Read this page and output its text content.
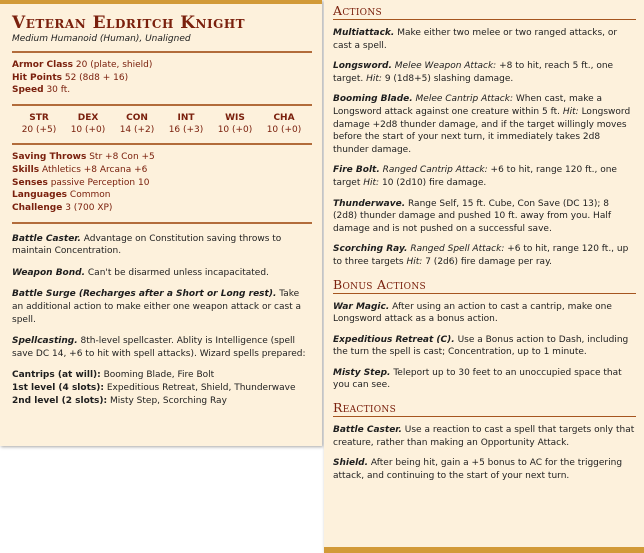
Veteran Eldritch Knight
Medium Humanoid (Human), Unaligned
Armor Class 20 (plate, shield)
Hit Points 52 (8d8 + 16)
Speed 30 ft.
STR
20 (+5)
DEX
10 (+0)
CON
14 (+2)
INT
16 (+3)
WIS
10 (+0)
CHA
10 (+0)
Saving Throws Str +8 Con +5
Skills Athletics +8 Arcana +6
Senses passive Perception 10
Languages Common
Challenge 3 (700 XP)
Battle Caster. Advantage on Constitution saving throws to maintain Concentration.
Weapon Bond. Can't be disarmed unless incapacitated.
Battle Surge (Recharges after a Short or Long rest). Take an additional action to make either one weapon attack or cast a spell.
Spellcasting. 8th-level spellcaster. Ablity is Intelligence (spell save DC 14, +6 to hit with spell attacks). Wizard spells prepared:
Cantrips (at will): Booming Blade, Fire Bolt
1st level (4 slots): Expeditious Retreat, Shield, Thunderwave
2nd level (2 slots): Misty Step, Scorching Ray
Actions
Multiattack. Make either two melee or two ranged attacks, or cast a spell.
Longsword. Melee Weapon Attack: +8 to hit, reach 5 ft., one target. Hit: 9 (1d8+5) slashing damage.
Booming Blade. Melee Cantrip Attack: When cast, make a Longsword attack against one creature within 5 ft. Hit: Longsword damage +2d8 thunder damage, and if the target willingly moves before the start of your next turn, it immediately takes 2d8 thunder damage.
Fire Bolt. Ranged Cantrip Attack: +6 to hit, range 120 ft., one target Hit: 10 (2d10) fire damage.
Thunderwave. Range Self, 15 ft. Cube, Con Save (DC 13); 8 (2d8) thunder damage and pushed 10 ft. away from you. Half damage and is not pushed on a successful save.
Scorching Ray. Ranged Spell Attack: +6 to hit, range 120 ft., up to three targets Hit: 7 (2d6) fire damage per ray.
Bonus Actions
War Magic. After using an action to cast a cantrip, make one Longsword attack as a bonus action.
Expeditious Retreat (C). Use a Bonus action to Dash, including the turn the spell is cast; Concentration, up to 1 minute.
Misty Step. Teleport up to 30 feet to an unoccupied space that you can see.
Reactions
Battle Caster. Use a reaction to cast a spell that targets only that creature, rather than making an Opportunity Attack.
Shield. After being hit, gain a +5 bonus to AC for the triggering attack, and continuing to the start of your next turn.
